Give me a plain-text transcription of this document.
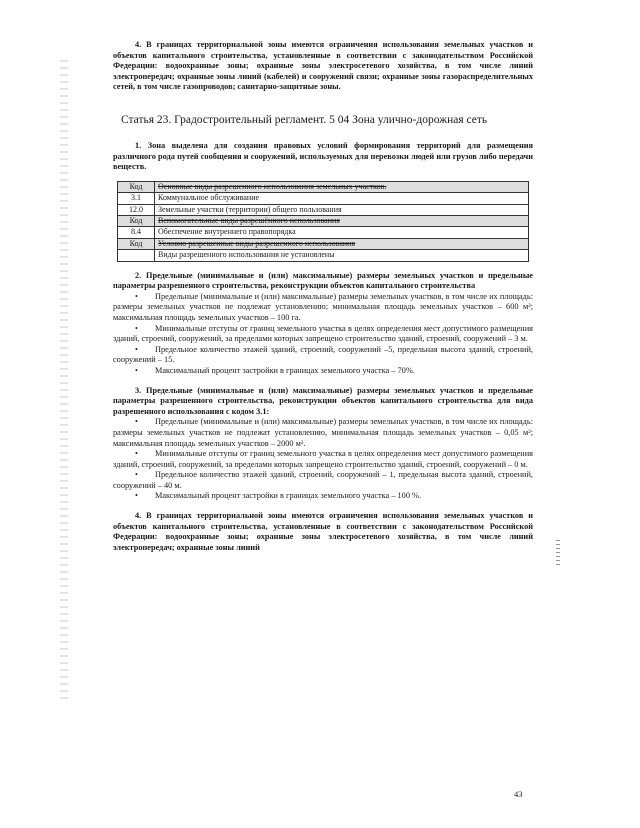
4. В границах территориальной зоны имеются ограничения использования земельных участков и объектов капитального строительства, установленные в соответствии с законодательством Российской Федерации: водоохранные зоны; охранные зоны электросетевого хозяйства, в том числе линий электропередач; охранные зоны линий (кабелей) и сооружений связи; охранные зоны газораспределительных сетей, в том числе газопроводов; санитарно-защитные зоны.

Статья 23. Градостроительный регламент. 5 04 Зона улично-дорожная сеть

1. Зона выделена для создания правовых условий формирования территорий для размещения различного рода путей сообщения и сооружений, используемых для перевозки людей или грузов либо передачи веществ.

Код	Основные виды разрешенного использования земельных участков.
3.1	Коммунальное обслуживание
12.0	Земельные участки (территории) общего пользования
Код	Вспомогательные виды разрешённого использования
8.4	Обеспечение внутреннего правопорядка
Код	Условно разрешенные виды разрешенного использования
	Виды разрешенного использования не установлены

2. Предельные (минимальные и (или) максимальные) размеры земельных участков и предельные параметры разрешенного строительства, реконструкции объектов капитального строительства

• Предельные (минимальные и (или) максимальные) размеры земельных участков, в том числе их площадь: размеры земельных участков не подлежат установлению; минимальная площадь земельных участков – 600 м²; максимальная площадь земельных участков – 100 га.

• Минимальные отступы от границ земельного участка в целях определения мест допустимого размещения зданий, строений, сооружений, за пределами которых запрещено строительство зданий, строений, сооружений – 3 м.

• Предельное количество этажей зданий, строений, сооружений –5, предельная высота зданий, строений, сооружений – 15.

• Максимальный процент застройки в границах земельного участка – 70%.

3. Предельные (минимальные и (или) максимальные) размеры земельных участков и предельные параметры разрешенного строительства, реконструкции объектов капитального строительства для вида разрешенного использования с кодом 3.1:

• Предельные (минимальные и (или) максимальные) размеры земельных участков, в том числе их площадь: размеры земельных участков не подлежат установлению, минимальная площадь земельных участков – 0,05 м²; максимальная площадь земельных участков – 2000 м².

• Минимальные отступы от границ земельного участка в целях определения мест допустимого размещения зданий, строений, сооружений, за пределами которых запрещено строительство зданий, строений, сооружений – 0 м.

• Предельное количество этажей зданий, строений, сооружений – 1, предельная высота зданий, строений, сооружений – 40 м.

• Максимальный процент застройки в границах земельного участка – 100 %.

4. В границах территориальной зоны имеются ограничения использования земельных участков и объектов капитального строительства, установленные в соответствии с законодательством Российской Федерации: водоохранные зоны; охранные зоны электросетевого хозяйства, в том числе линий электропередач; охранные зоны линий

43
